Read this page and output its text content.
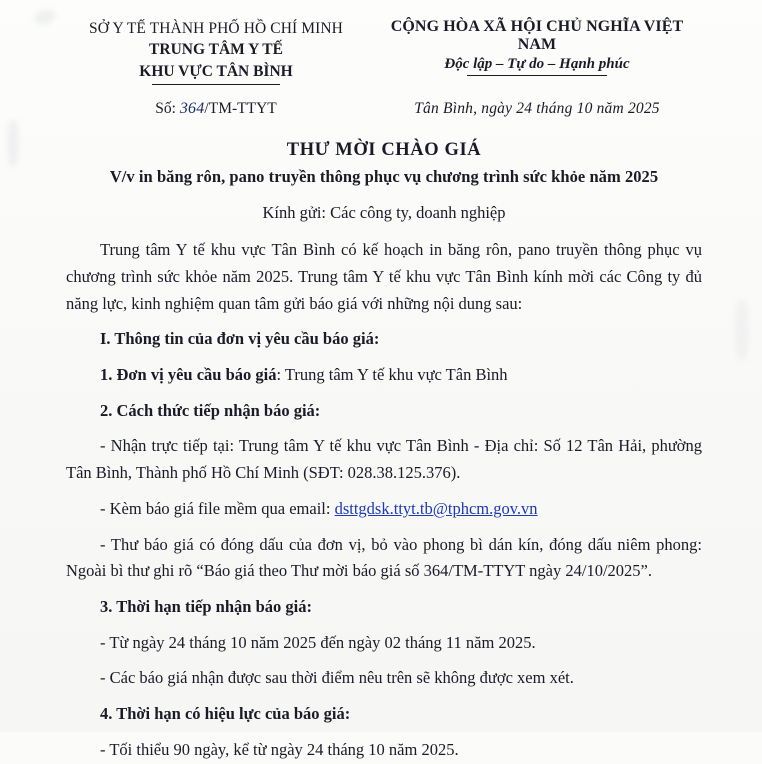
SỞ Y TẾ THÀNH PHỐ HỒ CHÍ MINH
TRUNG TÂM Y TẾ
KHU VỰC TÂN BÌNH
CỘNG HÒA XÃ HỘI CHỦ NGHĨA VIỆT NAM
Độc lập – Tự do – Hạnh phúc
Số: 364/TM-TTYT	Tân Bình, ngày 24 tháng 10 năm 2025
THƯ MỜI CHÀO GIÁ
V/v in băng rôn, pano truyền thông phục vụ chương trình sức khỏe năm 2025
Kính gửi: Các công ty, doanh nghiệp
Trung tâm Y tế khu vực Tân Bình có kế hoạch in băng rôn, pano truyền thông phục vụ chương trình sức khỏe năm 2025. Trung tâm Y tế khu vực Tân Bình kính mời các Công ty đủ năng lực, kinh nghiệm quan tâm gửi báo giá với những nội dung sau:
I. Thông tin của đơn vị yêu cầu báo giá:
1. Đơn vị yêu cầu báo giá: Trung tâm Y tế khu vực Tân Bình
2. Cách thức tiếp nhận báo giá:
- Nhận trực tiếp tại: Trung tâm Y tế khu vực Tân Bình - Địa chỉ: Số 12 Tân Hải, phường Tân Bình, Thành phố Hồ Chí Minh (SĐT: 028.38.125.376).
- Kèm báo giá file mềm qua email: dsttgdsk.ttyt.tb@tphcm.gov.vn
- Thư báo giá có đóng dấu của đơn vị, bỏ vào phong bì dán kín, đóng dấu niêm phong: Ngoài bì thư ghi rõ “Báo giá theo Thư mời báo giá số 364/TM-TTYT ngày 24/10/2025”.
3. Thời hạn tiếp nhận báo giá:
- Từ ngày 24 tháng 10 năm 2025 đến ngày 02 tháng 11 năm 2025.
- Các báo giá nhận được sau thời điểm nêu trên sẽ không được xem xét.
4. Thời hạn có hiệu lực của báo giá:
- Tối thiểu 90 ngày, kể từ ngày 24 tháng 10 năm 2025.
